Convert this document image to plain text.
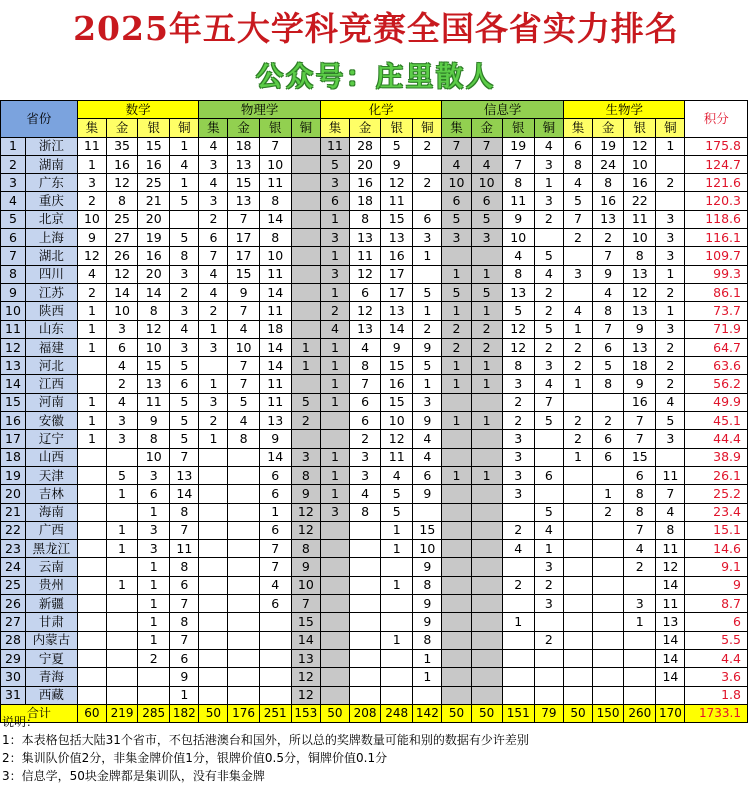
2025年五大学科竞赛全国各省实力排名
公众号：庄里散人
省份		数学				物理学				化学				信息学				生物学				积分
		集	金	银	铜	集	金	银	铜	集	金	银	铜	集	金	银	铜	集	金	银	铜	
1	浙江	11	35	15	1	4	18	7		11	28	5	2	7	7	19	4	6	19	12	1	175.8
2	湖南	1	16	16	4	3	13	10		5	20	9		4	4	7	3	8	24	10		124.7
3	广东	3	12	25	1	4	15	11		3	16	12	2	10	10	8	1	4	8	16	2	121.6
4	重庆	2	8	21	5	3	13	8		6	18	11		6	6	11	3	5	16	22		120.3
5	北京	10	25	20		2	7	14		1	8	15	6	5	5	9	2	7	13	11	3	118.6
6	上海	9	27	19	5	6	17	8		3	13	13	3	3	3	10		2	2	10	3	116.1
7	湖北	12	26	16	8	7	17	10		1	11	16	1			4	5		7	8	3	109.7
8	四川	4	12	20	3	4	15	11		3	12	17		1	1	8	4	3	9	13	1	99.3
9	江苏	2	14	14	2	4	9	14		1	6	17	5	5	5	13	2		4	12	2	86.1
10	陕西	1	10	8	3	2	7	11		2	12	13	1	1	1	5	2	4	8	13	1	73.7
11	山东	1	3	12	4	1	4	18		4	13	14	2	2	2	12	5	1	7	9	3	71.9
12	福建	1	6	10	3	3	10	14	1	1	4	9	9	2	2	12	2	2	6	13	2	64.7
13	河北		4	15	5		7	14	1	1	8	15	5	1	1	8	3	2	5	18	2	63.6
14	江西		2	13	6	1	7	11		1	7	16	1	1	1	3	4	1	8	9	2	56.2
15	河南	1	4	11	5	3	5	11	5	1	6	15	3			2	7			16	4	49.9
16	安徽	1	3	9	5	2	4	13	2		6	10	9	1	1	2	5	2	2	7	5	45.1
17	辽宁	1	3	8	5	1	8	9			2	12	4			3		2	6	7	3	44.4
18	山西			10	7			14	3	1	3	11	4			3		1	6	15		38.9
19	天津		5	3	13			6	8	1	3	4	6	1	1	3	6			6	11	26.1
20	吉林		1	6	14			6	9	1	4	5	9			3			1	8	7	25.2
21	海南			1	8			1	12	3	8	5					5		2	8	4	23.4
22	广西		1	3	7			6	12			1	15			2	4			7	8	15.1
23	黑龙江		1	3	11			7	8			1	10			4	1			4	11	14.6
24	云南			1	8			7	9				9				3			2	12	9.1
25	贵州		1	1	6			4	10			1	8			2	2				14	9
26	新疆			1	7			6	7				9				3			3	11	8.7
27	甘肃			1	8				15				9			1				1	13	6
28	内蒙古			1	7				14			1	8				2				14	5.5
29	宁夏			2	6				13				1								14	4.4
30	青海				9				12				1								14	3.6
31	西藏				1				12													1.8
合计		60	219	285	182	50	176	251	153	50	208	248	142	50	50	151	79	50	150	260	170	1733.1
说明：
1：本表格包括大陆31个省市，不包括港澳台和国外，所以总的奖牌数量可能和别的数据有少许差别
2：集训队价值2分，非集金牌价值1分，银牌价值0.5分，铜牌价值0.1分
3：信息学，50块金牌都是集训队，没有非集金牌
